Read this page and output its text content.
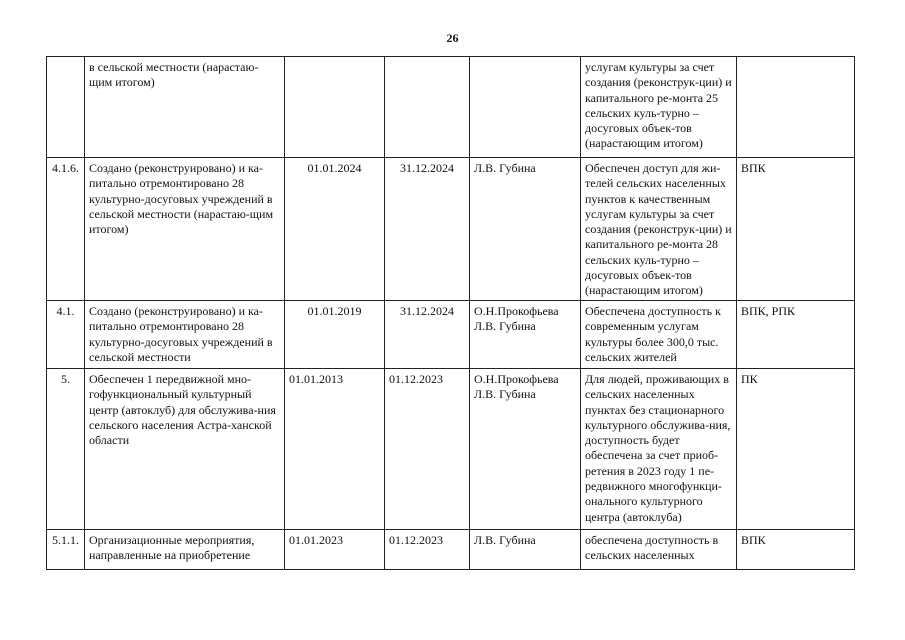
26
	в сельской местности (нарастаю-щим итогом)				услугам культуры за счет создания (реконструк-ции) и капитального ре-монта 25 сельских куль-турно – досуговых объек-тов (нарастающим итогом)	
4.1.6.	Создано (реконструировано) и ка-питально отремонтировано 28 культурно-досуговых учреждений в сельской местности (нарастаю-щим итогом)	01.01.2024	31.12.2024	Л.В. Губина	Обеспечен доступ для жи-телей сельских населенных пунктов к качественным услугам культуры за счет создания (реконструк-ции) и капитального ре-монта 28 сельских куль-турно – досуговых объек-тов (нарастающим итогом)	ВПК
4.1.	Создано (реконструировано) и ка-питально отремонтировано 28 культурно-досуговых учреждений в сельской местности	01.01.2019	31.12.2024	О.Н.Прокофьева Л.В. Губина	Обеспечена доступность к современным услугам культуры более 300,0 тыс. сельских жителей	ВПК, РПК
5.	Обеспечен 1 передвижной мно-гофункциональный культурный центр (автоклуб) для обслужива-ния сельского населения Астра-ханской области	01.01.2013	01.12.2023	О.Н.Прокофьева Л.В. Губина	Для людей, проживающих в сельских населенных пунктах без стационарного культурного обслужива-ния, доступность будет обеспечена за счет приоб-ретения в 2023 году 1 пе-редвижного многофункци-онального культурного центра (автоклуба)	ПК
5.1.1.	Организационные мероприятия, направленные на приобретение	01.01.2023	01.12.2023	Л.В. Губина	обеспечена доступность в сельских населенных	ВПК
